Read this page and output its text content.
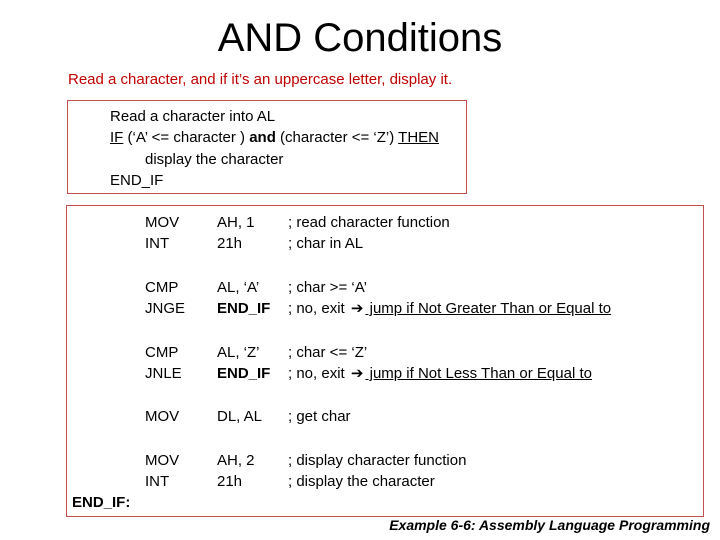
AND Conditions
Read a character, and if it’s an uppercase letter, display it.
Read a character into AL
IF (‘A’ <= character ) and (character <= ‘Z’) THEN
display the character
END_IF
MOV	AH, 1 ; read character function
INT	21h	; char in AL
CMP	AL, ‘A’ ; char >= ‘A’
JNGE END_IF ; no, exit ➔ jump if Not Greater Than or Equal to
CMP	AL, ‘Z’ ; char <= ‘Z’
JNLE END_IF ; no, exit ➔ jump if Not Less Than or Equal to
MOV	DL, AL ; get char
MOV	AH, 2 ; display character function
INT	21h	; display the character
END_IF:
Example 6-6: Assembly Language Programming
